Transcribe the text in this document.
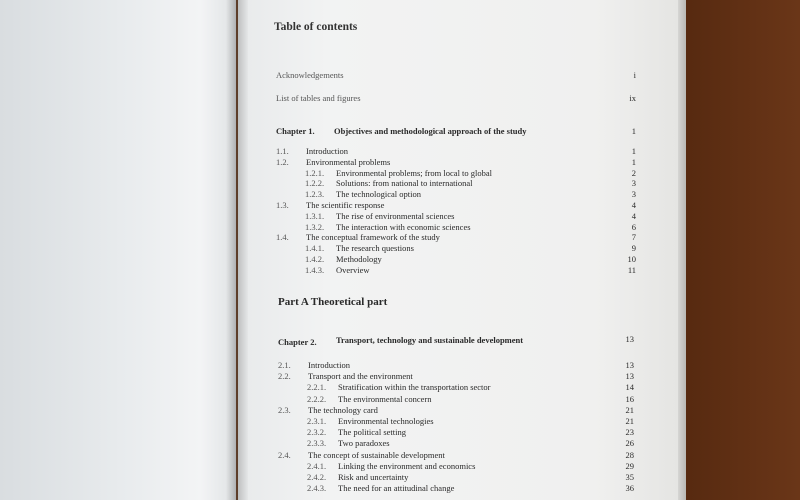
Table of contents
Acknowledgements	i
List of tables and figures	ix
Chapter 1. Objectives and methodological approach of the study	1
1.1. Introduction	1
1.2. Environmental problems	1
1.2.1. Environmental problems; from local to global	2
1.2.2. Solutions: from national to international	3
1.2.3. The technological option	3
1.3. The scientific response	4
1.3.1. The rise of environmental sciences	4
1.3.2. The interaction with economic sciences	6
1.4. The conceptual framework of the study	7
1.4.1. The research questions	9
1.4.2. Methodology	10
1.4.3. Overview	11
Part A Theoretical part
Chapter 2. Transport, technology and sustainable development	13
2.1. Introduction	13
2.2. Transport and the environment	13
2.2.1. Stratification within the transportation sector	14
2.2.2. The environmental concern	16
2.3. The technology card	21
2.3.1. Environmental technologies	21
2.3.2. The political setting	23
2.3.3. Two paradoxes	26
2.4. The concept of sustainable development	28
2.4.1. Linking the environment and economics	29
2.4.2. Risk and uncertainty	35
2.4.3. The need for an attitudinal change	36
